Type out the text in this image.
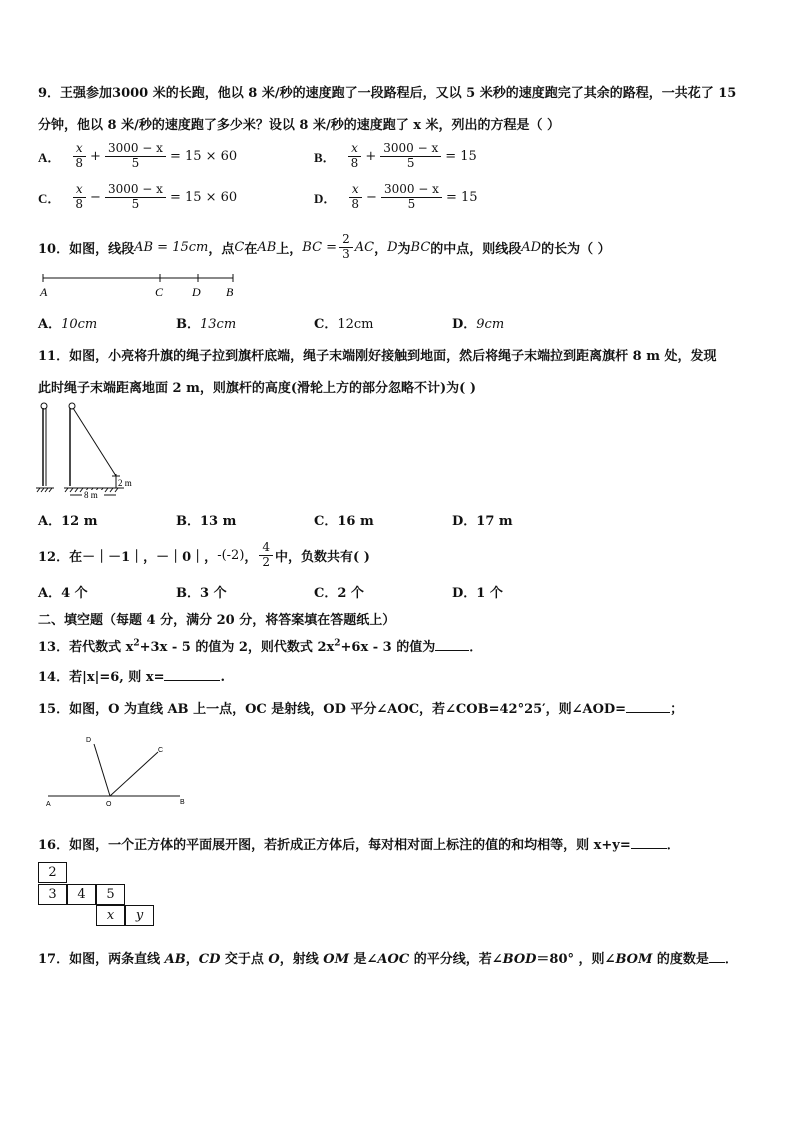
9．王强参加3000 米的长跑，他以 8 米/秒的速度跑了一段路程后，又以 5 米秒的速度跑完了其余的路程，一共花了 15
分钟，他以 8 米/秒的速度跑了多少米？设以 8 米/秒的速度跑了 x 米，列出的方程是（ ）
A． $\frac{x}{8} + \frac{3000 - x}{5} = 15 \times 60$	B． $\frac{x}{8} + \frac{3000 - x}{5} = 15$
C． $\frac{x}{8} - \frac{3000 - x}{5} = 15 \times 60$	D． $\frac{x}{8} - \frac{3000 - x}{5} = 15$
10．如图，线段 AB = 15cm ，点 C 在 AB 上， BC = $\frac{2}{3}$ AC ， D 为 BC 的中点，则线段 AD 的长为（ ）
A	C D B
A．10cm	B．13cm	C．12cm	D．9cm
11．如图，小亮将升旗的绳子拉到旗杆底端，绳子末端刚好接触到地面，然后将绳子末端拉到距离旗杆 8 m 处，发现
此时绳子末端距离地面 2 m，则旗杆的高度(滑轮上方的部分忽略不计)为( )
2 m
8 m
A．12 m	B．13 m	C．16 m	D．17 m
12．在－｜－1｜，－｜0｜， -(-2) ， $\frac{4}{2}$ 中，负数共有( )
A．4 个	B．3 个	C．2 个	D．1 个
二、填空题（每题 4 分，满分 20 分，将答案填在答题纸上）
13．若代数式 $x^2+3x - 5$ 的值为 2，则代数式 $2x^2+6x - 3$ 的值为	．
14．若|x|=6, 则 x=	.
15．如图，O 为直线 AB 上一点，OC 是射线，OD 平分∠AOC，若∠COB=42°25′，则∠AOD=	；
A	O	B
C
D
16．如图，一个正方体的平面展开图，若折成正方体后，每对相对面上标注的值的和均相等，则 x+y=	．
2
3	4	5
x	y
17．如图，两条直线 AB，CD 交于点 O，射线 OM 是∠AOC 的平分线，若∠BOD＝80° ，则∠BOM 的度数是 ．
